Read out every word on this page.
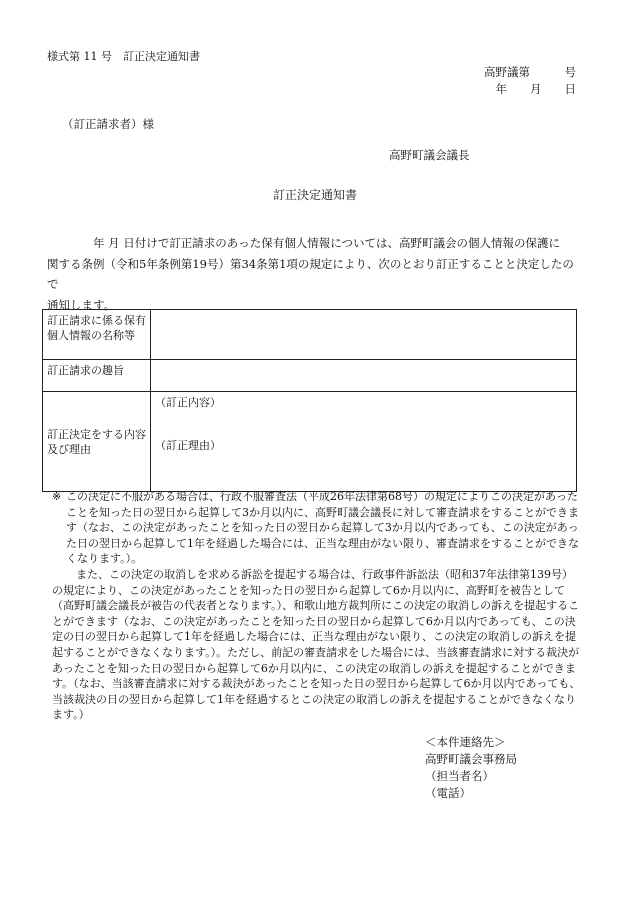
様式第 11 号　訂正決定通知書
高野議第　　　号
年　　月　　日
（訂正請求者）様
高野町議会議長
訂正決定通知書

年 月 日付けで訂正請求のあった保有個人情報については、高野町議会の個人情報の保護に

関する条例（令和5年条例第19号）第34条第1項の規定により、次のとおり訂正することと決定したので

通知します。

訂正請求に係る保有個人情報の名称等	
訂正請求の趣旨	
訂正決定をする内容及び理由	（訂正内容）
（訂正理由）
※ この決定に不服がある場合は、行政不服審査法（平成26年法律第68号）の規定によりこの決定があったことを知った日の翌日から起算して3か月以内に、高野町議会議長に対して審査請求をすることができます（なお、この決定があったことを知った日の翌日から起算して3か月以内であっても、この決定があった日の翌日から起算して1年を経過した場合には、正当な理由がない限り、審査請求をすることができなくなります。）。

また、この決定の取消しを求める訴訟を提起する場合は、行政事件訴訟法（昭和37年法律第139号）の規定により、この決定があったことを知った日の翌日から起算して6か月以内に、高野町を被告として（高野町議会議長が被告の代表者となります。）、和歌山地方裁判所にこの決定の取消しの訴えを提起することができます（なお、この決定があったことを知った日の翌日から起算して6か月以内であっても、この決定の日の翌日から起算して1年を経過した場合には、正当な理由がない限り、この決定の取消しの訴えを提起することができなくなります。）。ただし、前記の審査請求をした場合には、当該審査請求に対する裁決があったことを知った日の翌日から起算して6か月以内に、この決定の取消しの訴えを提起することができます。（なお、当該審査請求に対する裁決があったことを知った日の翌日から起算して6か月以内であっても、当該裁決の日の翌日から起算して1年を経過するとこの決定の取消しの訴えを提起することができなくなります。）

＜本件連絡先＞
高野町議会事務局
（担当者名）
（電話）
